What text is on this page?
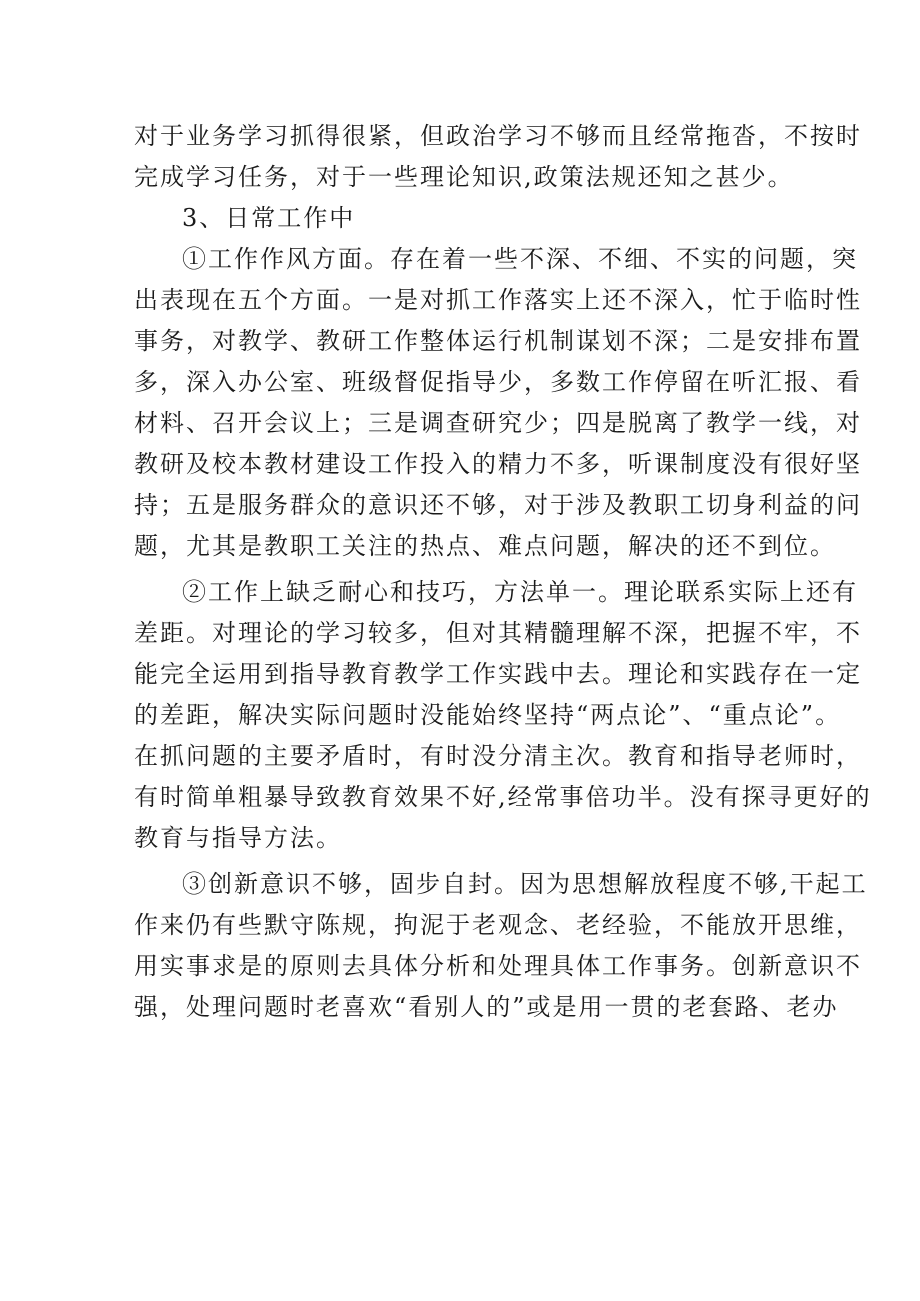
对于业务学习抓得很紧，但政治学习不够而且经常拖沓，不按时
完成学习任务，对于一些理论知识,政策法规还知之甚少。
3、日常工作中
①工作作风方面。存在着一些不深、不细、不实的问题，突
出表现在五个方面。一是对抓工作落实上还不深入，忙于临时性
事务，对教学、教研工作整体运行机制谋划不深；二是安排布置
多，深入办公室、班级督促指导少，多数工作停留在听汇报、看
材料、召开会议上；三是调查研究少；四是脱离了教学一线，对
教研及校本教材建设工作投入的精力不多，听课制度没有很好坚
持；五是服务群众的意识还不够，对于涉及教职工切身利益的问
题，尤其是教职工关注的热点、难点问题，解决的还不到位。
②工作上缺乏耐心和技巧，方法单一。理论联系实际上还有
差距。对理论的学习较多，但对其精髓理解不深，把握不牢，不
能完全运用到指导教育教学工作实践中去。理论和实践存在一定
的差距，解决实际问题时没能始终坚持“两点论”、“重点论”。
在抓问题的主要矛盾时，有时没分清主次。教育和指导老师时，
有时简单粗暴导致教育效果不好,经常事倍功半。没有探寻更好的
教育与指导方法。
③创新意识不够，固步自封。因为思想解放程度不够,干起工
作来仍有些默守陈规，拘泥于老观念、老经验，不能放开思维，
用实事求是的原则去具体分析和处理具体工作事务。创新意识不
强，处理问题时老喜欢“看别人的”或是用一贯的老套路、老办
